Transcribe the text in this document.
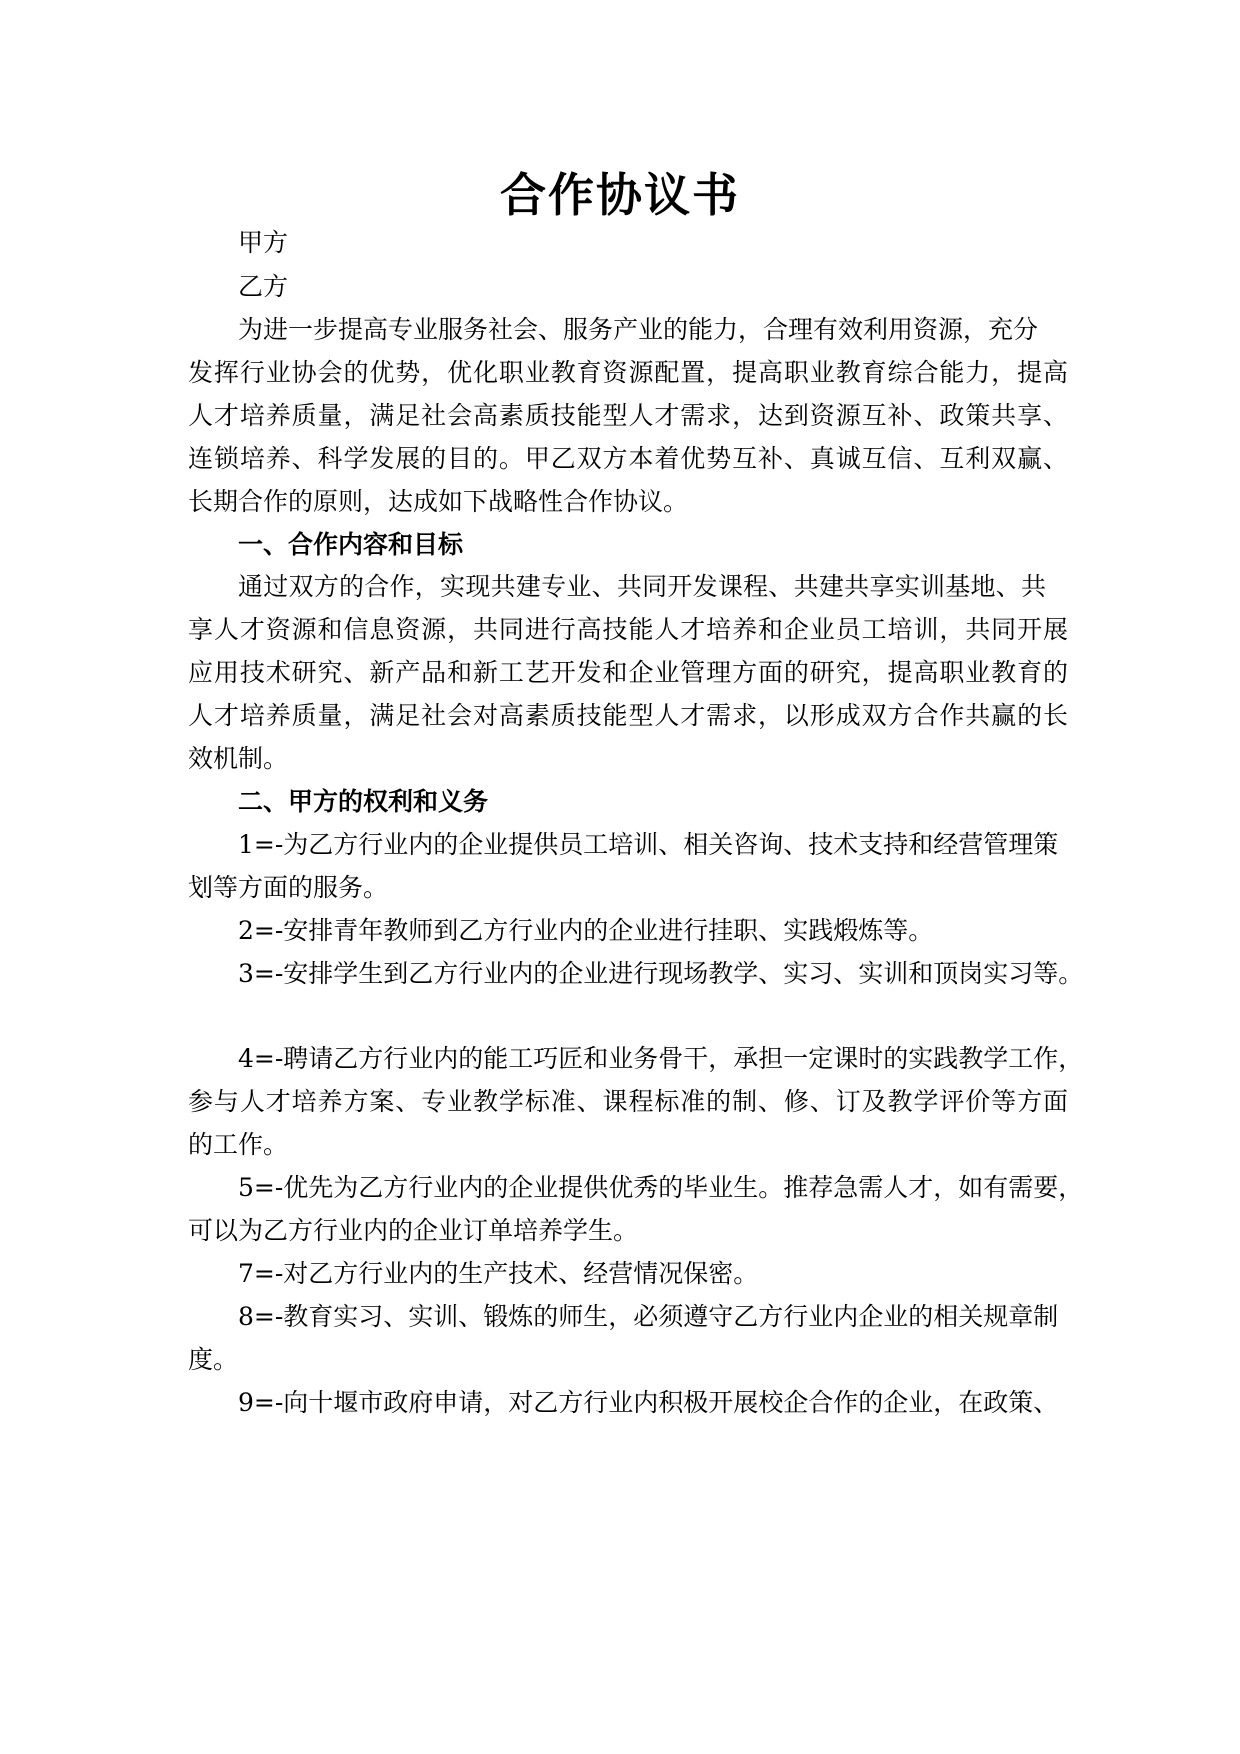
合作协议书
甲方
乙方
为进一步提高专业服务社会、服务产业的能力，合理有效利用资源，充分
发挥行业协会的优势，优化职业教育资源配置，提高职业教育综合能力，提高
人才培养质量，满足社会高素质技能型人才需求，达到资源互补、政策共享、
连锁培养、科学发展的目的。甲乙双方本着优势互补、真诚互信、互利双赢、
长期合作的原则，达成如下战略性合作协议。
一、合作内容和目标
通过双方的合作，实现共建专业、共同开发课程、共建共享实训基地、共
享人才资源和信息资源，共同进行高技能人才培养和企业员工培训，共同开展
应用技术研究、新产品和新工艺开发和企业管理方面的研究，提高职业教育的
人才培养质量，满足社会对高素质技能型人才需求，以形成双方合作共赢的长
效机制。
二、甲方的权利和义务
1=-为乙方行业内的企业提供员工培训、相关咨询、技术支持和经营管理策
划等方面的服务。
2=-安排青年教师到乙方行业内的企业进行挂职、实践煅炼等。
3=-安排学生到乙方行业内的企业进行现场教学、实习、实训和顶岗实习等。
4=-聘请乙方行业内的能工巧匠和业务骨干，承担一定课时的实践教学工作，
参与人才培养方案、专业教学标准、课程标准的制、修、订及教学评价等方面
的工作。
5=-优先为乙方行业内的企业提供优秀的毕业生。推荐急需人才，如有需要，
可以为乙方行业内的企业订单培养学生。
7=-对乙方行业内的生产技术、经营情况保密。
8=-教育实习、实训、锻炼的师生，必须遵守乙方行业内企业的相关规章制
度。
9=-向十堰市政府申请，对乙方行业内积极开展校企合作的企业，在政策、
